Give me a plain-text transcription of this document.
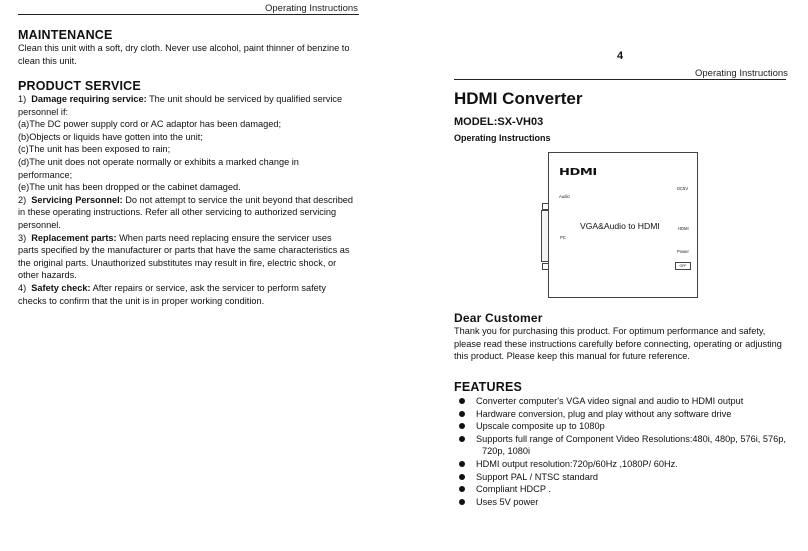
Operating Instructions
MAINTENANCE
Clean this unit with a soft, dry cloth. Never use alcohol, paint thinner of benzine to
clean this unit.
PRODUCT SERVICE
1) Damage requiring service: The unit should be serviced by qualified service
personnel if:
(a)The DC power supply cord or AC adaptor has been damaged;
(b)Objects or liquids have gotten into the unit;
(c)The unit has been exposed to rain;
(d)The unit does not operate normally or exhibits a marked change in
performance;
(e)The unit has been dropped or the cabinet damaged.
2) Servicing Personnel: Do not attempt to service the unit beyond that described
in these operating instructions. Refer all other servicing to authorized servicing
personnel.
3) Replacement parts: When parts need replacing ensure the servicer uses
parts specified by the manufacturer or parts that have the same characteristics as
the original parts. Unauthorized substitutes may result in fire, electric shock, or
other hazards.
4) Safety check: After repairs or service, ask the servicer to perform safety
checks to confirm that the unit is in proper working condition.
4
Operating Instructions
HDMI Converter
MODEL:SX-VH03
Operating Instructions
HDMI
Audio
PC
DC5V
HDMI
Power
OFF
VGA&Audio to HDMI
Dear Customer
Thank you for purchasing this product. For optimum performance and safety,
please read these instructions carefully before connecting, operating or adjusting
this product. Please keep this manual for future reference.
FEATURES
Converter computer's VGA video signal and audio to HDMI output
Hardware conversion, plug and play without any software drive
Upscale composite up to 1080p
Supports full range of Component Video Resolutions:480i, 480p, 576i, 576p,
720p, 1080i
HDMI output resolution:720p/60Hz ,1080P/ 60Hz.
Support PAL / NTSC standard
Compliant HDCP .
Uses 5V power
